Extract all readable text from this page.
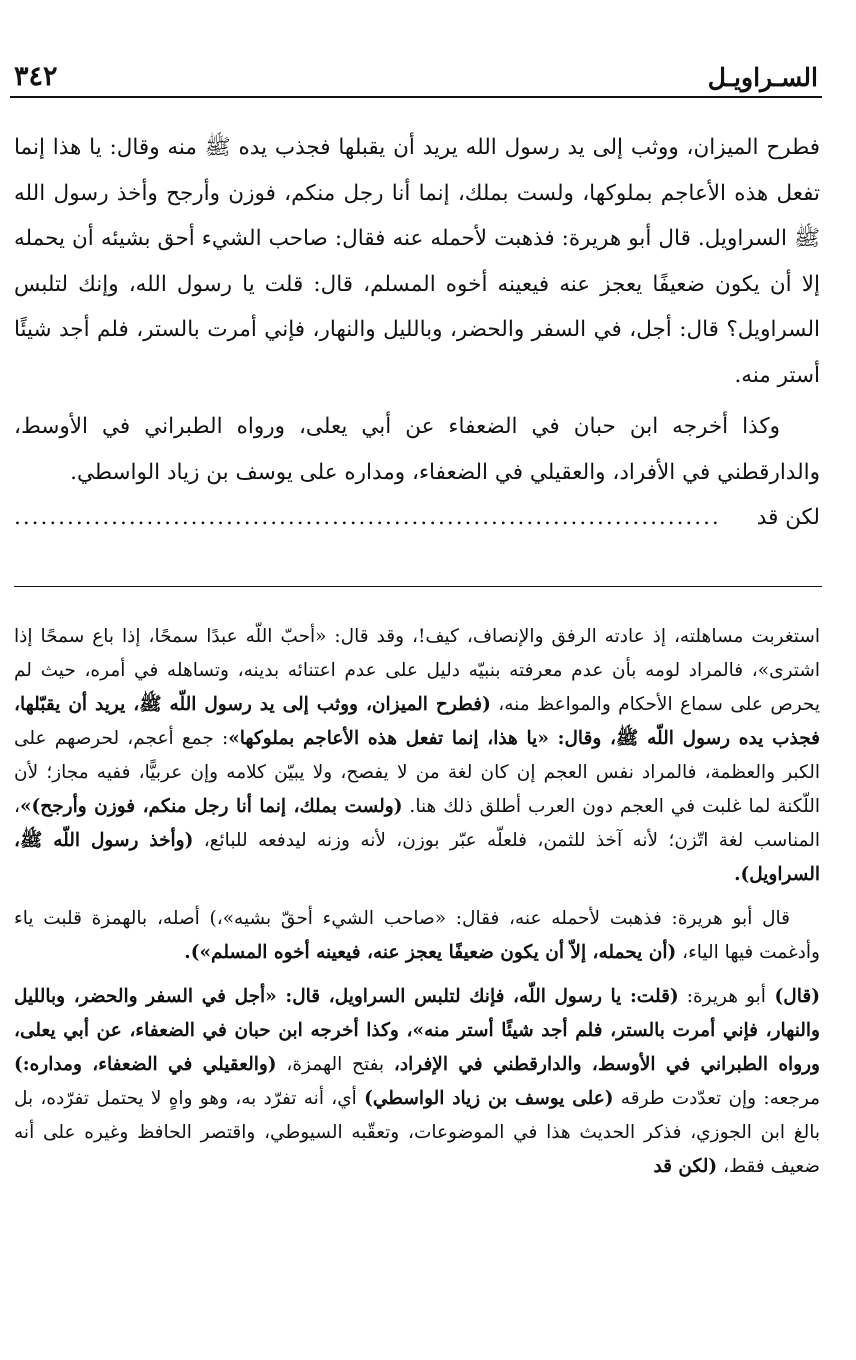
السـراويـل
٣٤٢

فطرح الميزان، ووثب إلى يد رسول الله يريد أن يقبلها فجذب يده ﷺ منه وقال: يا هذا إنما تفعل هذه الأعاجم بملوكها، ولست بملك، إنما أنا رجل منكم، فوزن وأرجح وأخذ رسول الله ﷺ السراويل. قال أبو هريرة: فذهبت لأحمله عنه فقال: صاحب الشيء أحق بشيئه أن يحمله إلا أن يكون ضعيفًا يعجز عنه فيعينه أخوه المسلم، قال: قلت يا رسول الله، وإنك لتلبس السراويل؟ قال: أجل، في السفر والحضر، وبالليل والنهار، فإني أمرت بالستر، فلم أجد شيئًا أستر منه.

وكذا أخرجه ابن حبان في الضعفاء عن أبي يعلى، ورواه الطبراني في الأوسط، والدارقطني في الأفراد، والعقيلي في الضعفاء، ومداره على يوسف بن زياد الواسطي.

لكن قد
................................................................................

استغربت مساهلته، إذ عادته الرفق والإنصاف، كيف!، وقد قال: «أحبّ اللّه عبدًا سمحًا، إذا باع سمحًا إذا اشترى»، فالمراد لومه بأن عدم معرفته بنبيّه دليل على عدم اعتنائه بدينه، وتساهله في أمره، حيث لم يحرص على سماع الأحكام والمواعظ منه، (فطرح الميزان، ووثب إلى يد رسول اللّه ﷺ، يريد أن يقبّلها، فجذب يده رسول اللّه ﷺ، وقال: «يا هذا، إنما تفعل هذه الأعاجم بملوكها»: جمع أعجم، لحرصهم على الكبر والعظمة، فالمراد نفس العجم إن كان لغة من لا يفصح، ولا يبيّن كلامه وإن عربيًّا، ففيه مجاز؛ لأن اللّكنة لما غلبت في العجم دون العرب أطلق ذلك هنا. (ولست بملك، إنما أنا رجل منكم، فوزن وأرجح)»، المناسب لغة اتّزن؛ لأنه آخذ للثمن، فلعلّه عبّر بوزن، لأنه وزنه ليدفعه للبائع، (وأخذ رسول اللّه ﷺ، السراويل).

قال أبو هريرة: فذهبت لأحمله عنه، فقال: «صاحب الشيء أحقّ بشيه»،) أصله، بالهمزة قلبت ياء وأدغمت فيها الياء، (أن يحمله، إلاّ أن يكون ضعيفًا يعجز عنه، فيعينه أخوه المسلم»).

(قال) أبو هريرة: (قلت: يا رسول اللّه، فإنك لتلبس السراويل، قال: «أجل في السفر والحضر، وبالليل والنهار، فإني أمرت بالستر، فلم أجد شيئًا أستر منه»، وكذا أخرجه ابن حبان في الضعفاء، عن أبي يعلى، ورواه الطبراني في الأوسط، والدارقطني في الإفراد، بفتح الهمزة، (والعقيلي في الضعفاء، ومداره:) مرجعه: وإن تعدّدت طرقه (على يوسف بن زياد الواسطي) أي، أنه تفرّد به، وهو واهٍ لا يحتمل تفرّده، بل بالغ ابن الجوزي، فذكر الحديث هذا في الموضوعات، وتعقّبه السيوطي، واقتصر الحافظ وغيره على أنه ضعيف فقط، (لكن قد
